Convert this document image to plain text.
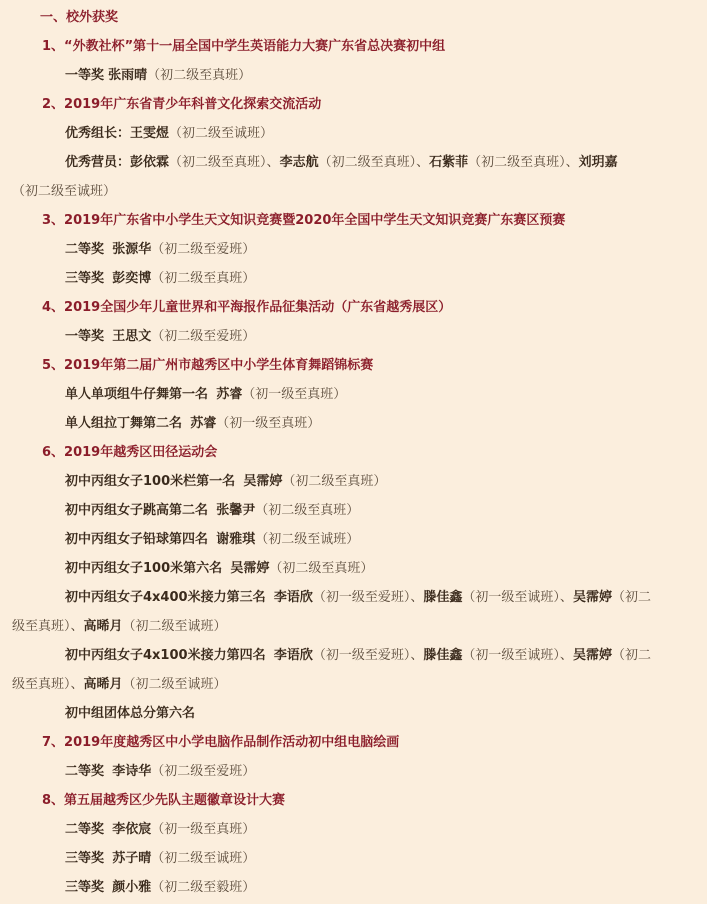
一、校外获奖
1、“外教社杯”第十一届全国中学生英语能力大赛广东省总决赛初中组
一等奖 张雨晴（初二级至真班）
2、2019年广东省青少年科普文化探索交流活动
优秀组长：王雯煜（初二级至诚班）
优秀营员：彭依霖（初二级至真班）、李志航（初二级至真班）、石紫菲（初二级至真班）、刘玥嘉
（初二级至诚班）
3、2019年广东省中小学生天文知识竞赛暨2020年全国中学生天文知识竞赛广东赛区预赛
二等奖 张源华（初二级至爱班）
三等奖 彭奕博（初二级至真班）
4、2019全国少年儿童世界和平海报作品征集活动（广东省越秀展区）
一等奖 王思文（初二级至爱班）
5、2019年第二届广州市越秀区中小学生体育舞蹈锦标赛
单人单项组牛仔舞第一名 苏睿（初一级至真班）
单人组拉丁舞第二名 苏睿（初一级至真班）
6、2019年越秀区田径运动会
初中丙组女子100米栏第一名 吴霈婷（初二级至真班）
初中丙组女子跳高第二名 张馨尹（初二级至真班）
初中丙组女子铅球第四名 谢雅琪（初二级至诚班）
初中丙组女子100米第六名 吴霈婷（初二级至真班）
初中丙组女子4x400米接力第三名 李语欣（初一级至爱班）、滕佳鑫（初一级至诚班）、吴霈婷（初二
级至真班）、高晞月（初二级至诚班）
初中丙组女子4x100米接力第四名 李语欣（初一级至爱班）、滕佳鑫（初一级至诚班）、吴霈婷（初二
级至真班）、高晞月（初二级至诚班）
初中组团体总分第六名
7、2019年度越秀区中小学电脑作品制作活动初中组电脑绘画
二等奖 李诗华（初二级至爱班）
8、第五届越秀区少先队主题徽章设计大赛
二等奖 李依宸（初一级至真班）
三等奖 苏子晴（初二级至诚班）
三等奖 颜小雅（初二级至毅班）
